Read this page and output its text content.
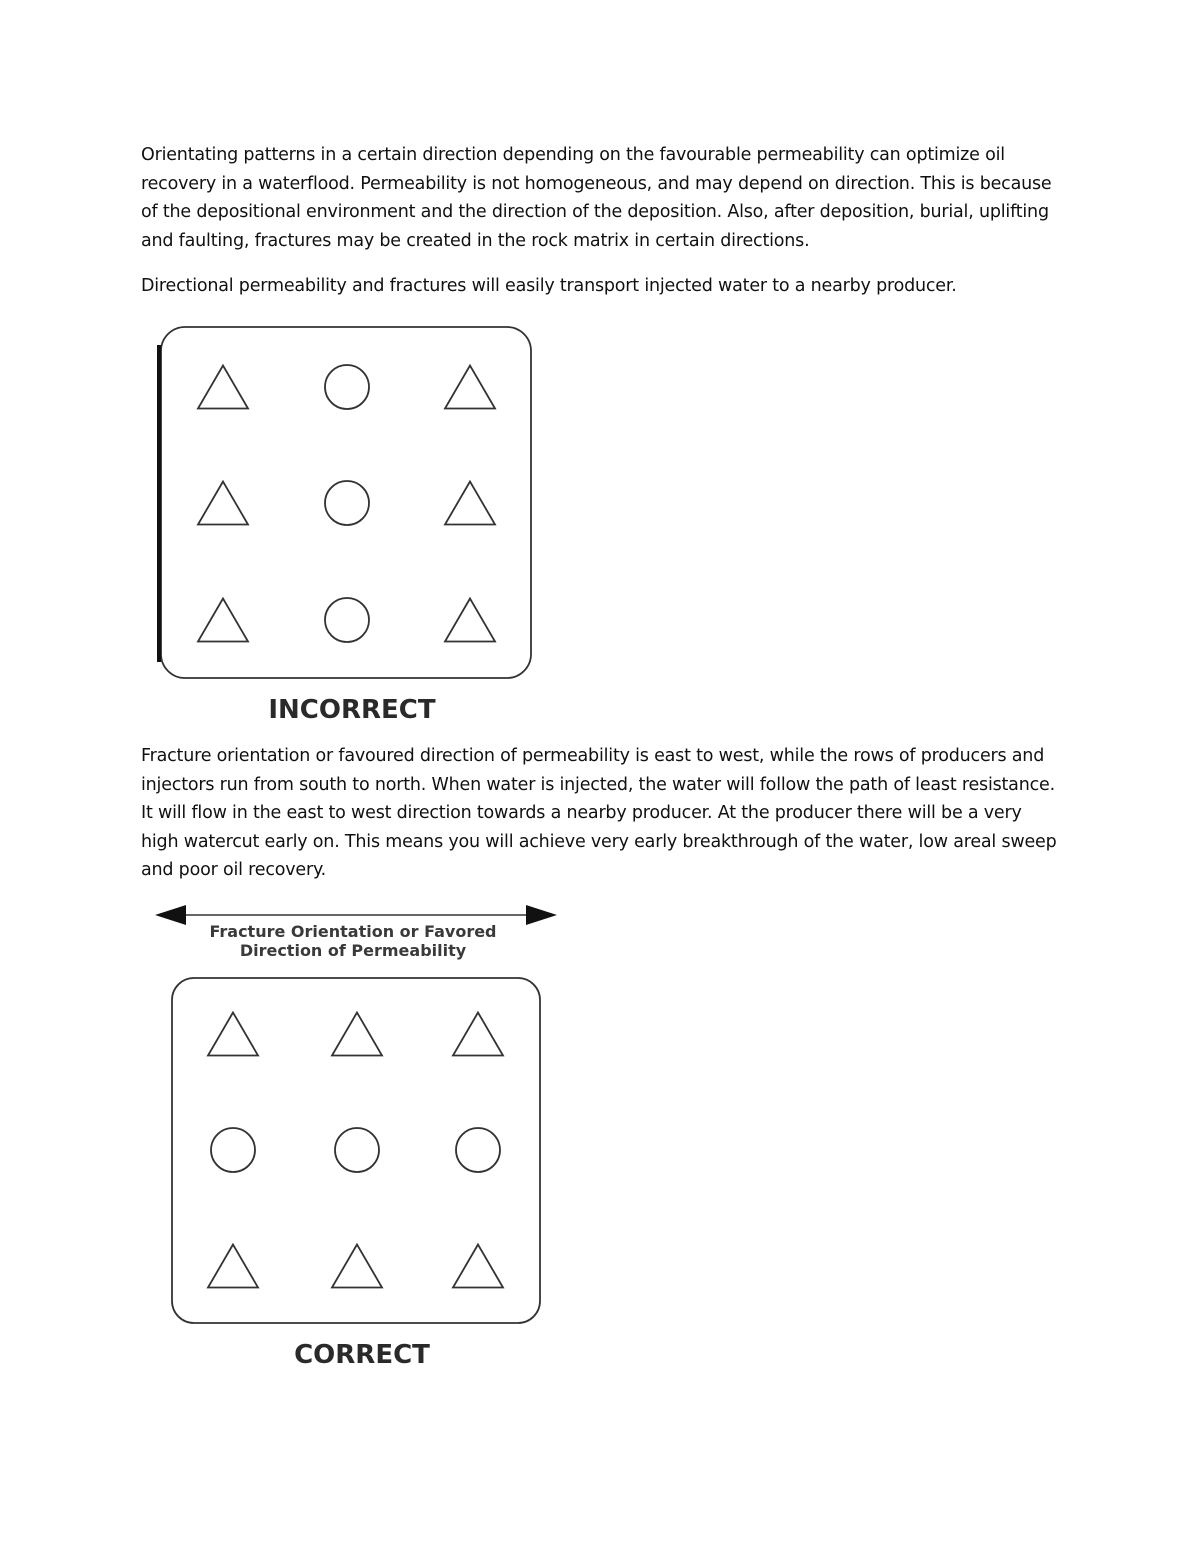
Orientating patterns in a certain direction depending on the favourable permeability can optimize oil recovery in a waterflood. Permeability is not homogeneous, and may depend on direction. This is because of the depositional environment and the direction of the deposition. Also, after deposition, burial, uplifting and faulting, fractures may be created in the rock matrix in certain directions.

Directional permeability and fractures will easily transport injected water to a nearby producer.

INCORRECT

Fracture orientation or favoured direction of permeability is east to west, while the rows of producers and injectors run from south to north. When water is injected, the water will follow the path of least resistance. It will flow in the east to west direction towards a nearby producer. At the producer there will be a very high watercut early on. This means you will achieve very early breakthrough of the water, low areal sweep and poor oil recovery.

Fracture Orientation or Favored
Direction of Permeability
CORRECT
